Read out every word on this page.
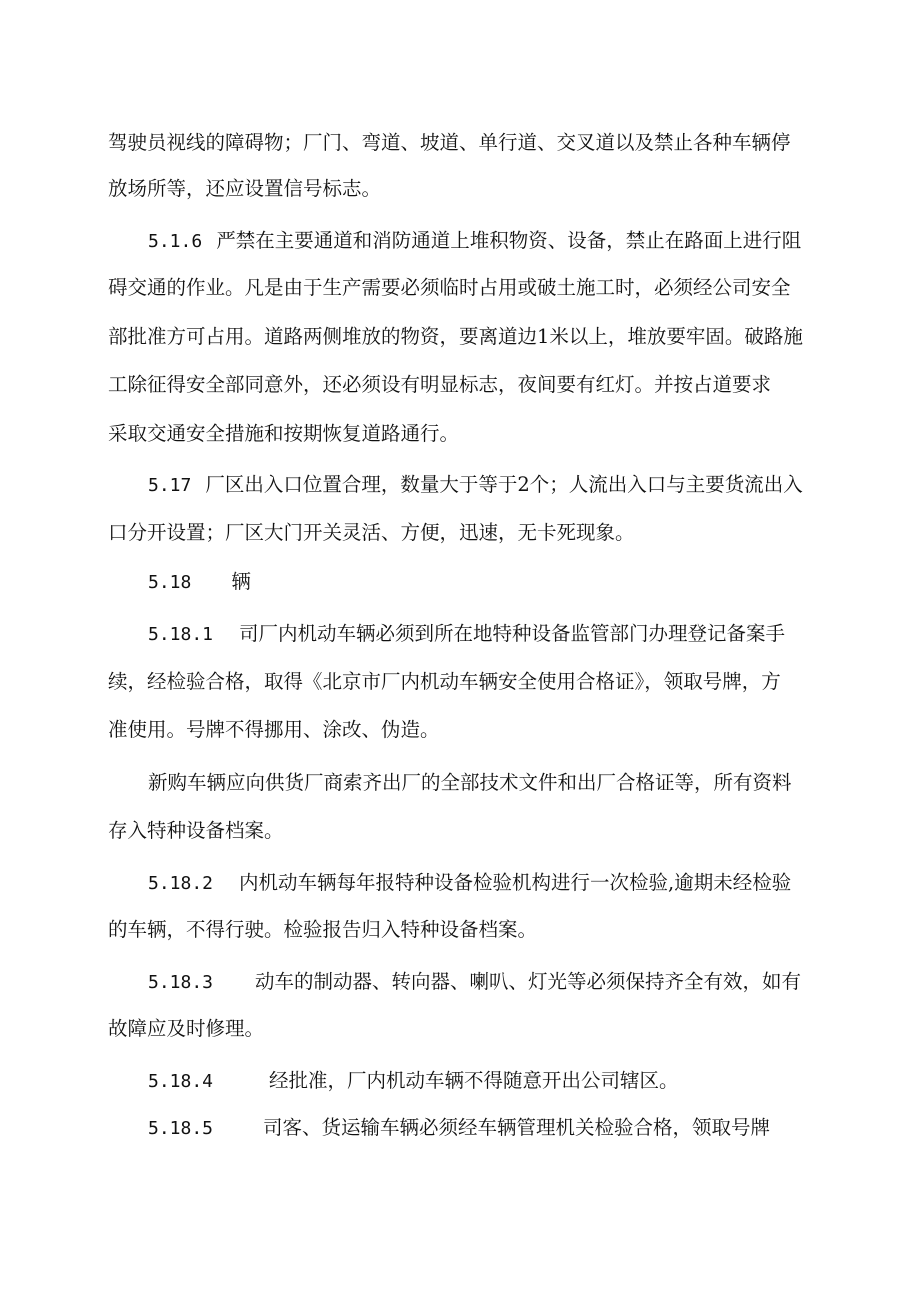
驾驶员视线的障碍物；厂门、弯道、坡道、单行道、交叉道以及禁止各种车辆停
放场所等，还应设置信号标志。
5.1.6 严禁在主要通道和消防通道上堆积物资、设备，禁止在路面上进行阻
碍交通的作业。凡是由于生产需要必须临时占用或破土施工时，必须经公司安全
部批准方可占用。道路两侧堆放的物资，要离道边1米以上，堆放要牢固。破路施
工除征得安全部同意外，还必须设有明显标志，夜间要有红灯。并按占道要求
采取交通安全措施和按期恢复道路通行。
5.17 厂区出入口位置合理，数量大于等于2个；人流出入口与主要货流出入
口分开设置；厂区大门开关灵活、方便，迅速，无卡死现象。
5.18 辆
5.18.1 司厂内机动车辆必须到所在地特种设备监管部门办理登记备案手
续，经检验合格，取得《北京市厂内机动车辆安全使用合格证》，领取号牌，方
准使用。号牌不得挪用、涂改、伪造。
新购车辆应向供货厂商索齐出厂的全部技术文件和出厂合格证等，所有资料
存入特种设备档案。
5.18.2 内机动车辆每年报特种设备检验机构进行一次检验,逾期未经检验
的车辆，不得行驶。检验报告归入特种设备档案。
5.18.3 动车的制动器、转向器、喇叭、灯光等必须保持齐全有效，如有
故障应及时修理。
5.18.4	经批准，厂内机动车辆不得随意开出公司辖区。
5.18.5	司客、货运输车辆必须经车辆管理机关检验合格，领取号牌
